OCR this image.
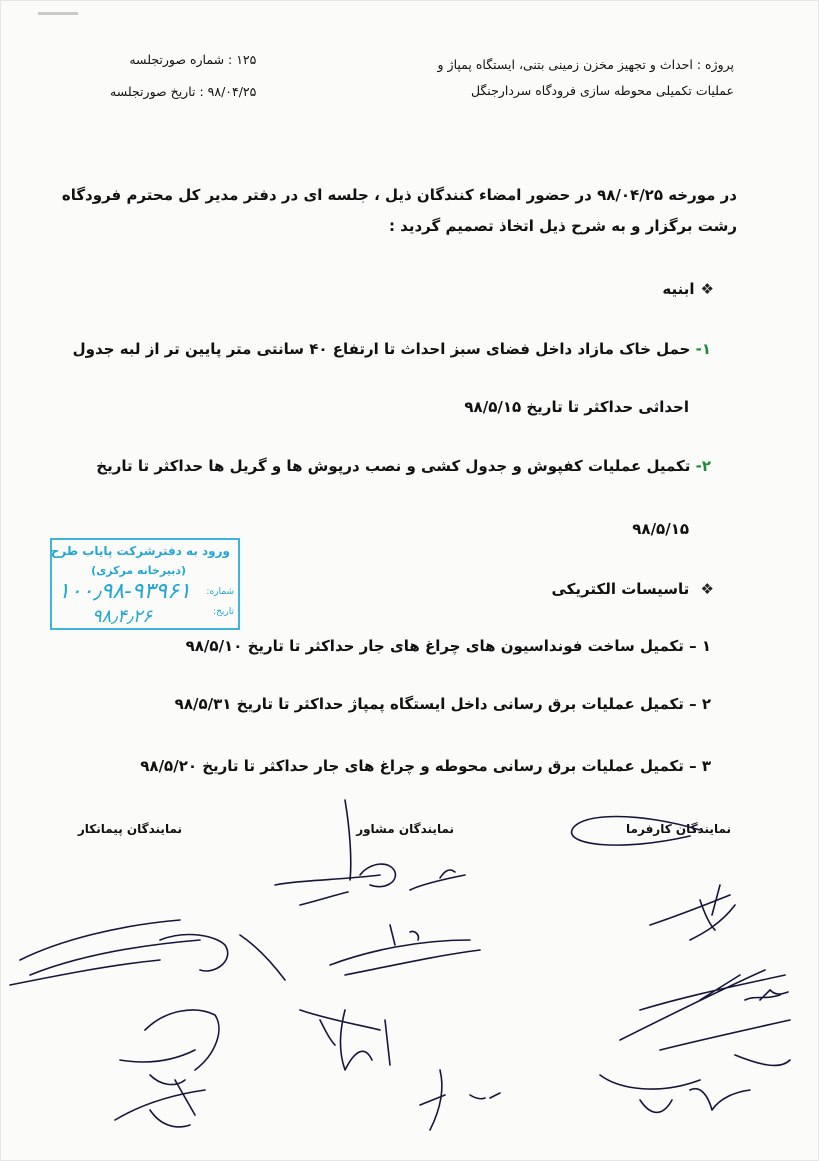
پروژه : احداث و تجهیز مخزن زمینی بتنی، ایستگاه پمپاژ و
عملیات تکمیلی محوطه سازی فرودگاه سردارجنگل
۱۲۵ : شماره صورتجلسه
۹۸/۰۴/۲۵ : تاریخ صورتجلسه
در مورخه ۹۸/۰۴/۲۵ در حضور امضاء کنندگان ذیل ، جلسه ای در دفتر مدیر کل محترم فرودگاه
رشت برگزار و به شرح ذیل اتخاذ تصمیم گردید :
❖ابنیه
۱- حمل خاک مازاد داخل فضای سبز احداث تا ارتفاع ۴۰ سانتی متر پایین تر از لبه جدول
احداثی حداکثر تا تاریخ ۹۸/۵/۱۵
۲- تکمیل عملیات کفپوش و جدول کشی و نصب درپوش ها و گریل ها حداکثر تا تاریخ
۹۸/۵/۱۵
❖ تاسیسات الکتریکی
۱ – تکمیل ساخت فونداسیون های چراغ های جار حداکثر تا تاریخ ۹۸/۵/۱۰
۲ – تکمیل عملیات برق رسانی داخل ایستگاه پمپاژ حداکثر تا تاریخ ۹۸/۵/۳۱
۳ – تکمیل عملیات برق رسانی محوطه و چراغ های جار حداکثر تا تاریخ ۹۸/۵/۲۰
ورود به دفترشرکت پایاب طرح
(دبیرخانه مرکزی)
شماره:
تاریخ:
۱۰۰٫۹۸-۹۳۹۶۱
۹۸٫۴٫۲۶
نمایندگان کارفرما
نمایندگان مشاور
نمایندگان پیمانکار
